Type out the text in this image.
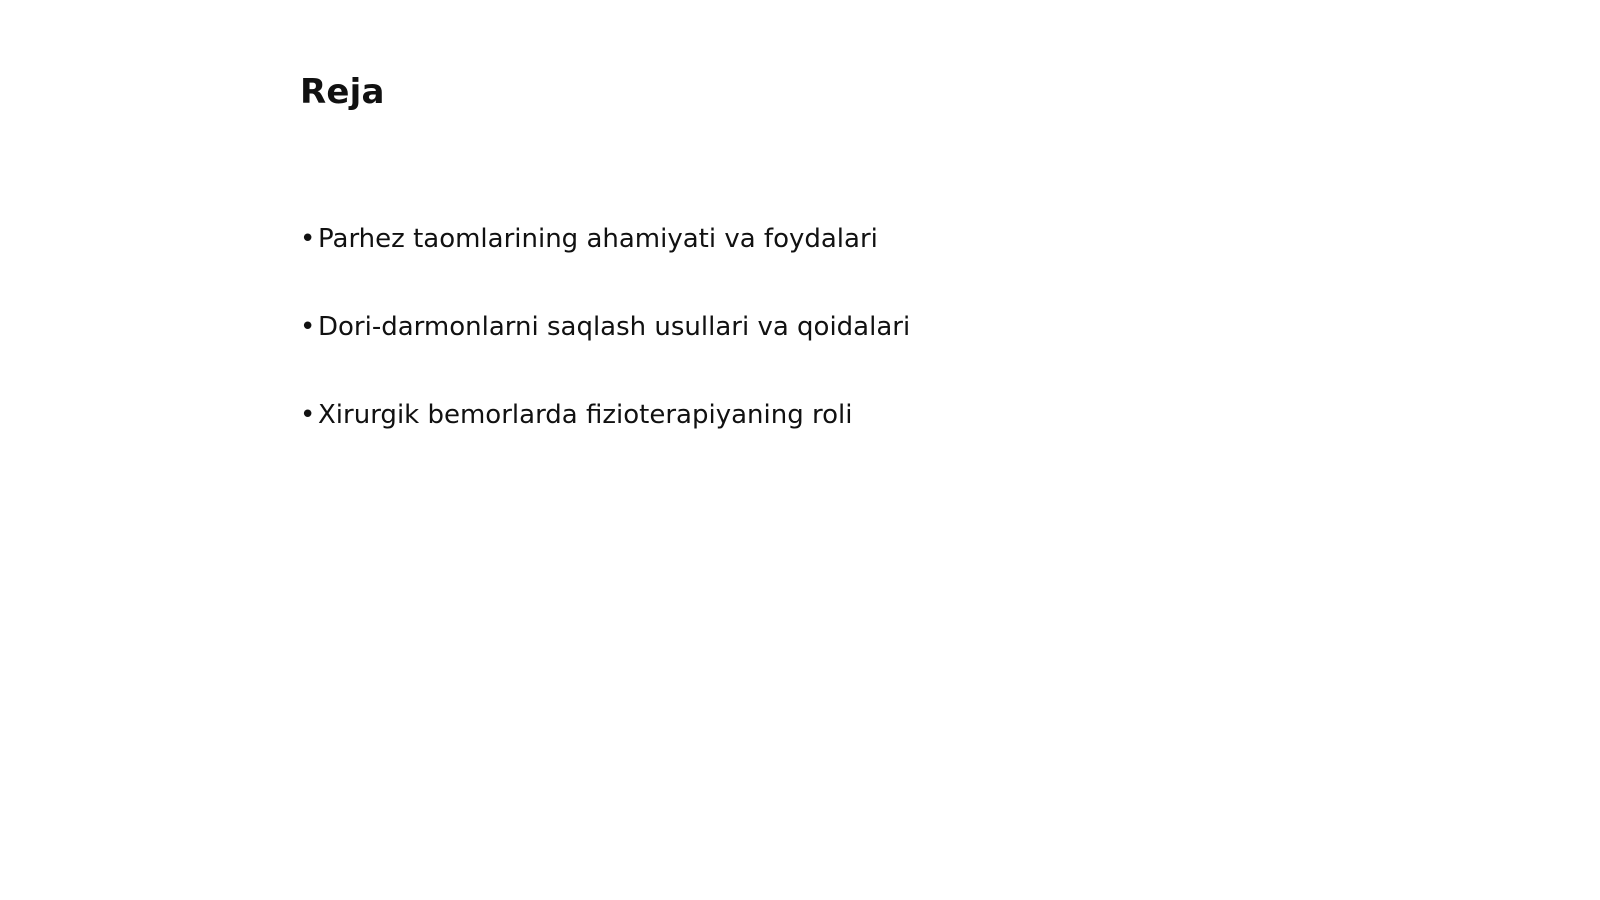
Reja
• Parhez taomlarining ahamiyati va foydalari
• Dori-darmonlarni saqlash usullari va qoidalari
• Xirurgik bemorlarda fizioterapiyaning roli
